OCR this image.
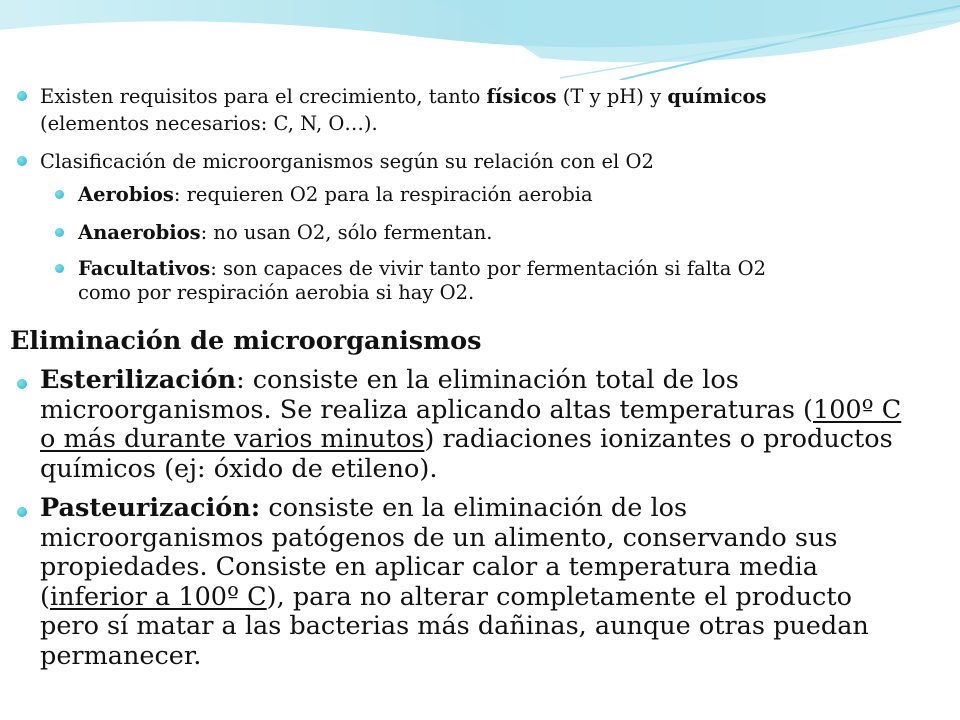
Existen requisitos para el crecimiento, tanto físicos (T y pH) y químicos
(elementos necesarios: C, N, O…).
Clasificación de microorganismos según su relación con el O2
Aerobios: requieren O2 para la respiración aerobia
Anaerobios: no usan O2, sólo fermentan.
Facultativos: son capaces de vivir tanto por fermentación si falta O2
como por respiración aerobia si hay O2.
Eliminación de microorganismos
Esterilización: consiste en la eliminación total de los
microorganismos. Se realiza aplicando altas temperaturas (100º C
o más durante varios minutos) radiaciones ionizantes o productos
químicos (ej: óxido de etileno).
Pasteurización: consiste en la eliminación de los
microorganismos patógenos de un alimento, conservando sus
propiedades. Consiste en aplicar calor a temperatura media
(inferior a 100º C), para no alterar completamente el producto
pero sí matar a las bacterias más dañinas, aunque otras puedan
permanecer.
